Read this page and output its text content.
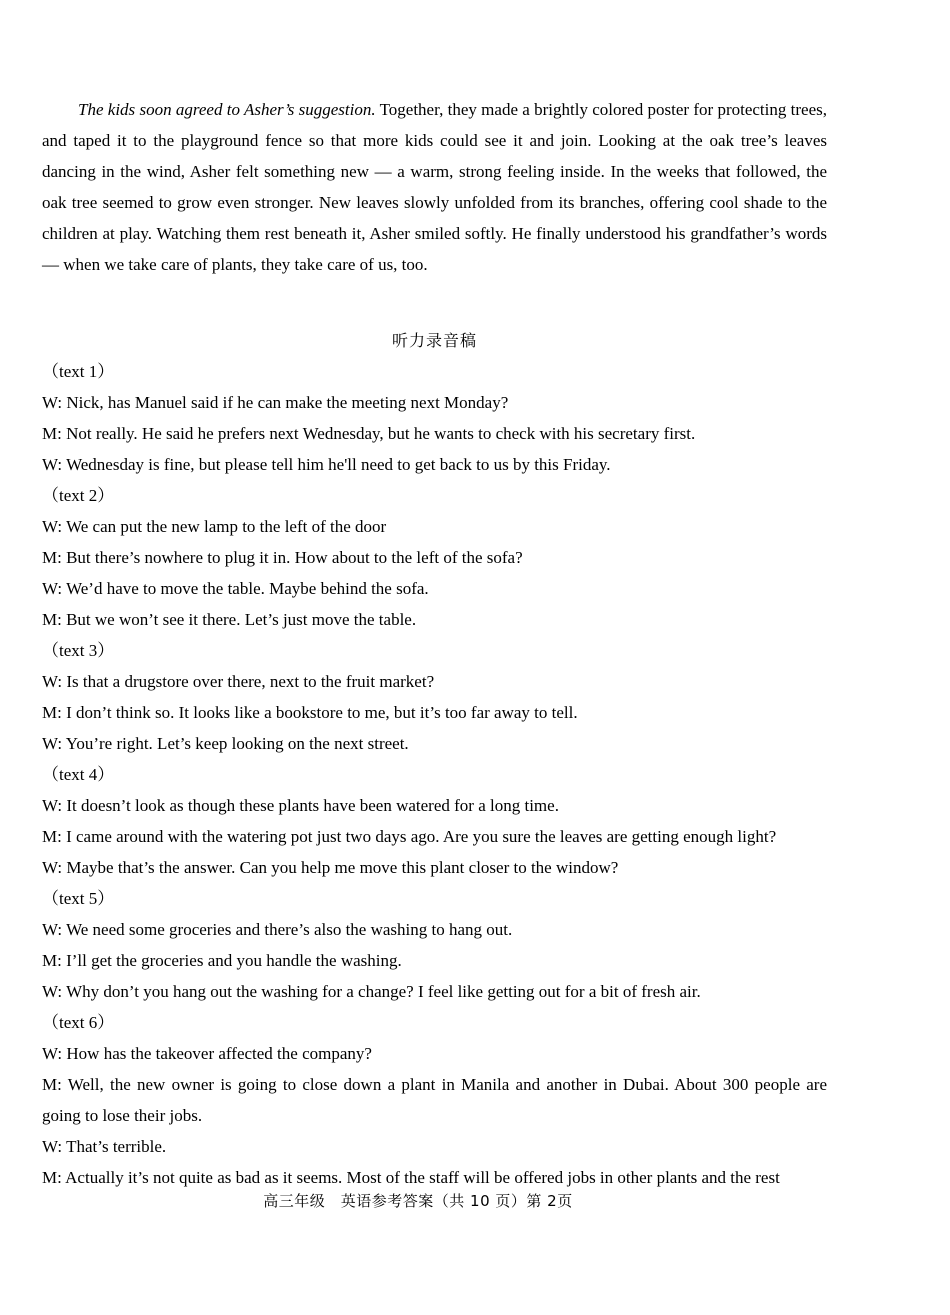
The kids soon agreed to Asher’s suggestion. Together, they made a brightly colored poster for protecting trees, and taped it to the playground fence so that more kids could see it and join. Looking at the oak tree’s leaves dancing in the wind, Asher felt something new — a warm, strong feeling inside. In the weeks that followed, the oak tree seemed to grow even stronger. New leaves slowly unfolded from its branches, offering cool shade to the children at play. Watching them rest beneath it, Asher smiled softly. He finally understood his grandfather’s words — when we take care of plants, they take care of us, too.

听力录音稿

（text 1）

W: Nick, has Manuel said if he can make the meeting next Monday?

M: Not really. He said he prefers next Wednesday, but he wants to check with his secretary first.

W: Wednesday is fine, but please tell him he'll need to get back to us by this Friday.

（text 2）

W: We can put the new lamp to the left of the door

M: But there’s nowhere to plug it in. How about to the left of the sofa?

W: We’d have to move the table. Maybe behind the sofa.

M: But we won’t see it there. Let’s just move the table.

（text 3）

W: Is that a drugstore over there, next to the fruit market?

M: I don’t think so. It looks like a bookstore to me, but it’s too far away to tell.

W: You’re right. Let’s keep looking on the next street.

（text 4）

W: It doesn’t look as though these plants have been watered for a long time.

M: I came around with the watering pot just two days ago. Are you sure the leaves are getting enough light?

W: Maybe that’s the answer. Can you help me move this plant closer to the window?

（text 5）

W: We need some groceries and there’s also the washing to hang out.

M: I’ll get the groceries and you handle the washing.

W: Why don’t you hang out the washing for a change? I feel like getting out for a bit of fresh air.

（text 6）

W: How has the takeover affected the company?

M: Well, the new owner is going to close down a plant in Manila and another in Dubai. About 300 people are going to lose their jobs.

W: That’s terrible.

M: Actually it’s not quite as bad as it seems. Most of the staff will be offered jobs in other plants and the rest

高三年级　英语参考答案（共 10 页）第 2页
